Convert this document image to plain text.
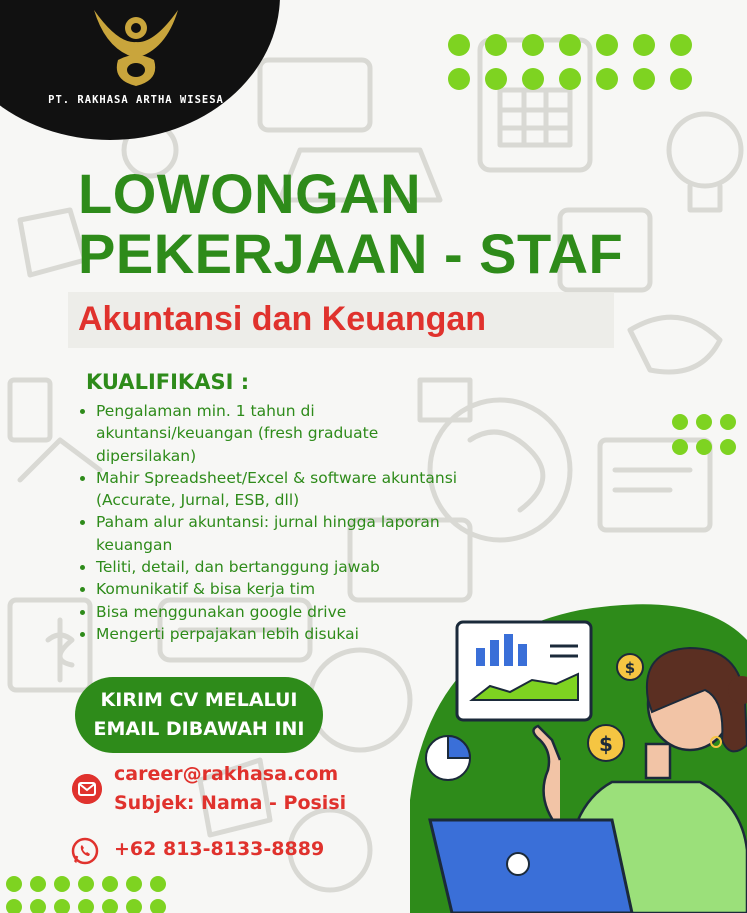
PT. RAKHASA ARTHA WISESA
LOWONGAN
PEKERJAAN - STAF
Akuntansi dan Keuangan
KUALIFIKASI :
• Pengalaman min. 1 tahun di akuntansi/keuangan (fresh graduate dipersilakan)
• Mahir Spreadsheet/Excel & software akuntansi (Accurate, Jurnal, ESB, dll)
• Paham alur akuntansi: jurnal hingga laporan keuangan
• Teliti, detail, dan bertanggung jawab
• Komunikatif & bisa kerja tim
• Bisa menggunakan google drive
• Mengerti perpajakan lebih disukai
KIRIM CV MELALUI
EMAIL DIBAWAH INI
career@rakhasa.com
Subjek: Nama - Posisi
+62 813-8133-8889
$
$
